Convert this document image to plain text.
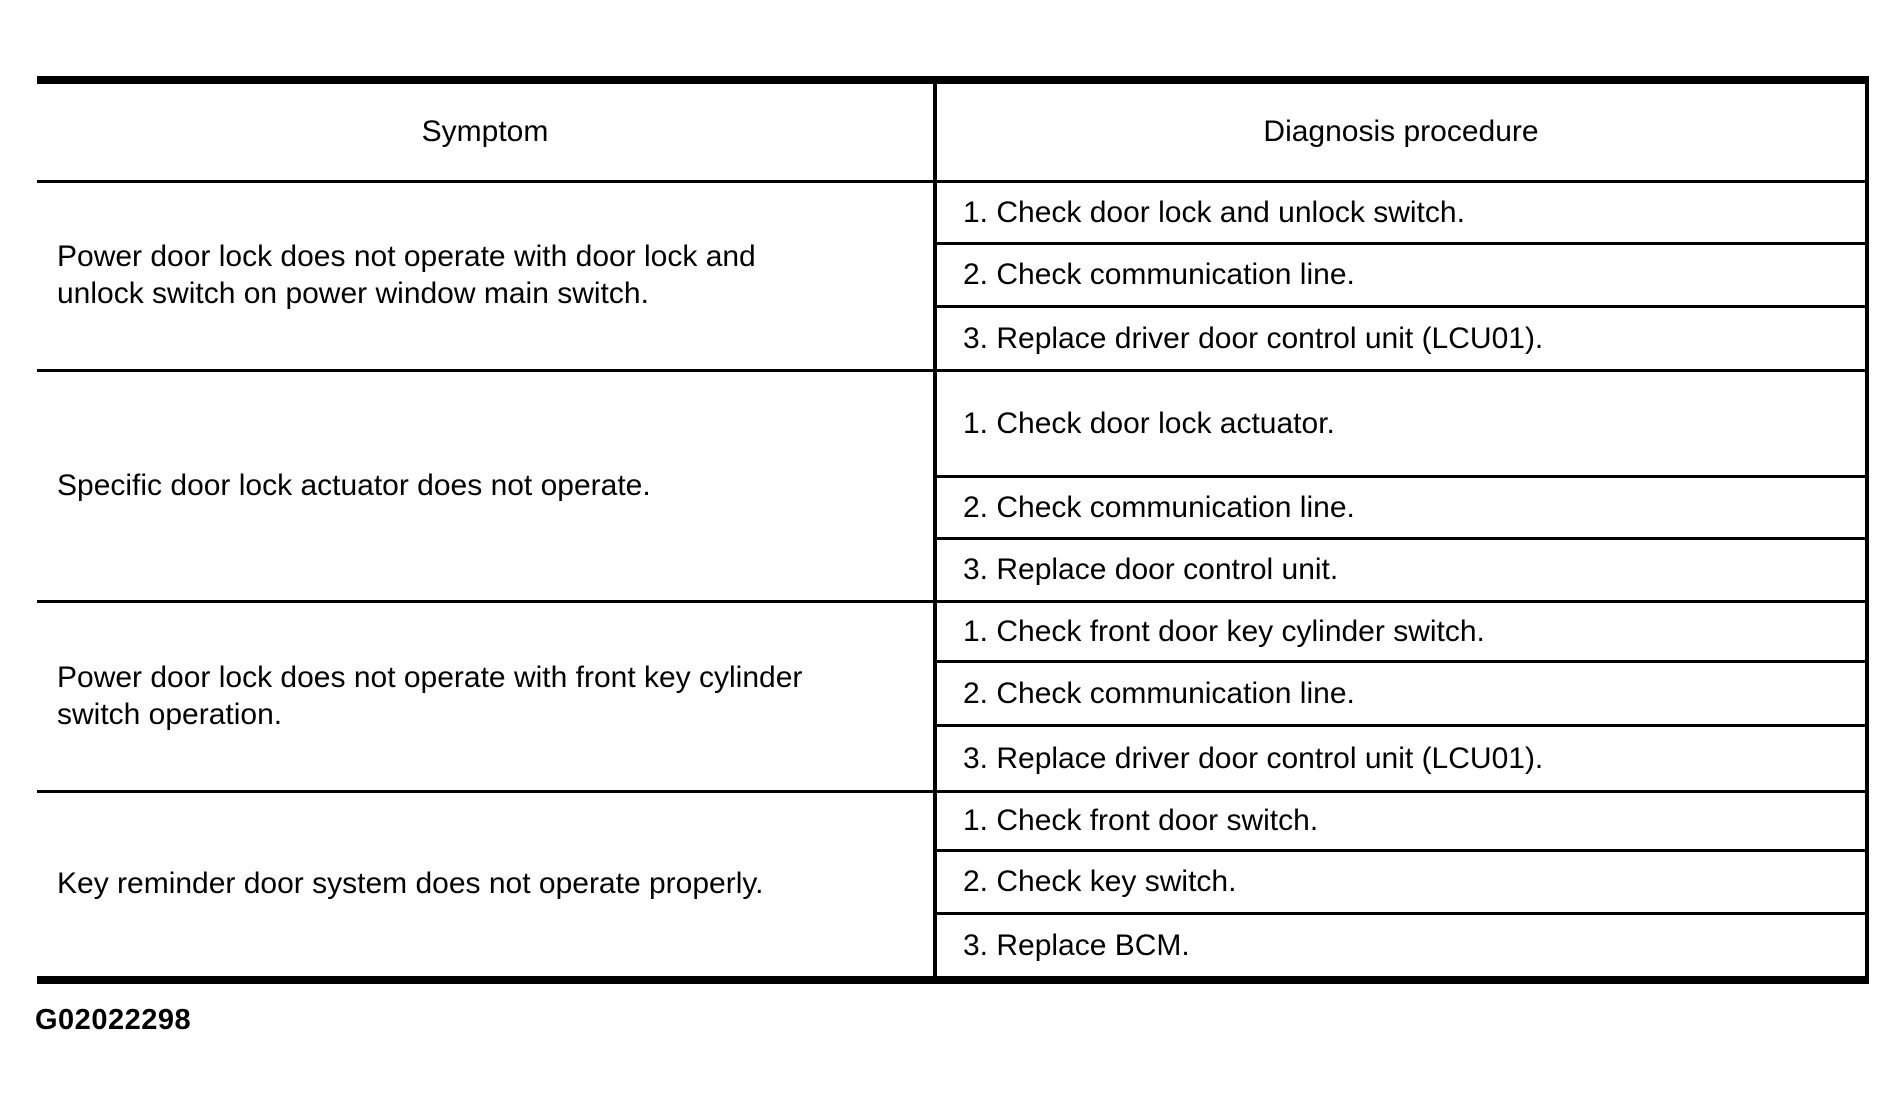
Symptom	Diagnosis procedure
Power door lock does not operate with door lock and unlock switch on power window main switch.
1. Check door lock and unlock switch.
2. Check communication line.
3. Replace driver door control unit (LCU01).
Specific door lock actuator does not operate.
1. Check door lock actuator.
2. Check communication line.
3. Replace door control unit.
Power door lock does not operate with front key cylinder switch operation.
1. Check front door key cylinder switch.
2. Check communication line.
3. Replace driver door control unit (LCU01).
Key reminder door system does not operate properly.
1. Check front door switch.
2. Check key switch.
3. Replace BCM.
G02022298
